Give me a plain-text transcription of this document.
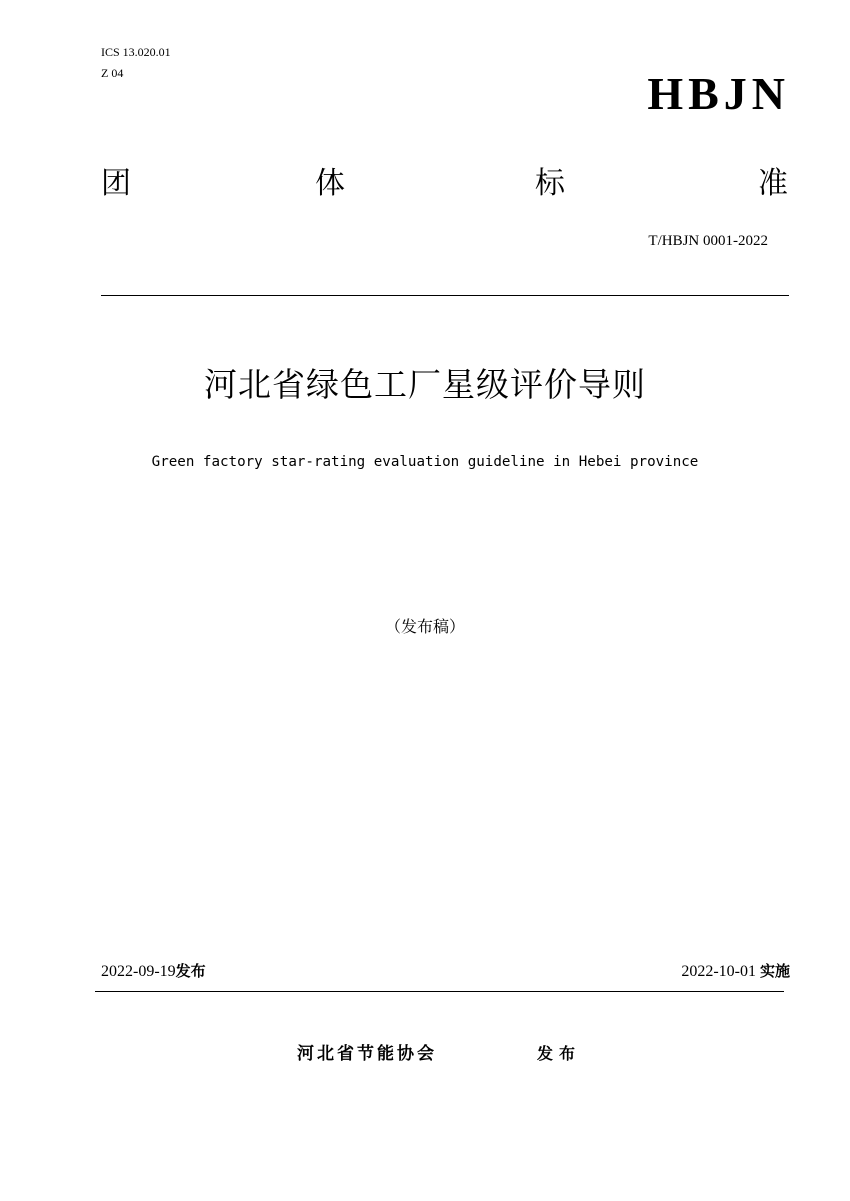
ICS 13.020.01
Z 04	HBJN
团	体	标	准
T/HBJN 0001-2022
河北省绿色工厂星级评价导则
Green factory star-rating evaluation guideline in Hebei province
（发布稿）
2022-09-19发布	2022-10-01 实施
河北省节能协会	发布
